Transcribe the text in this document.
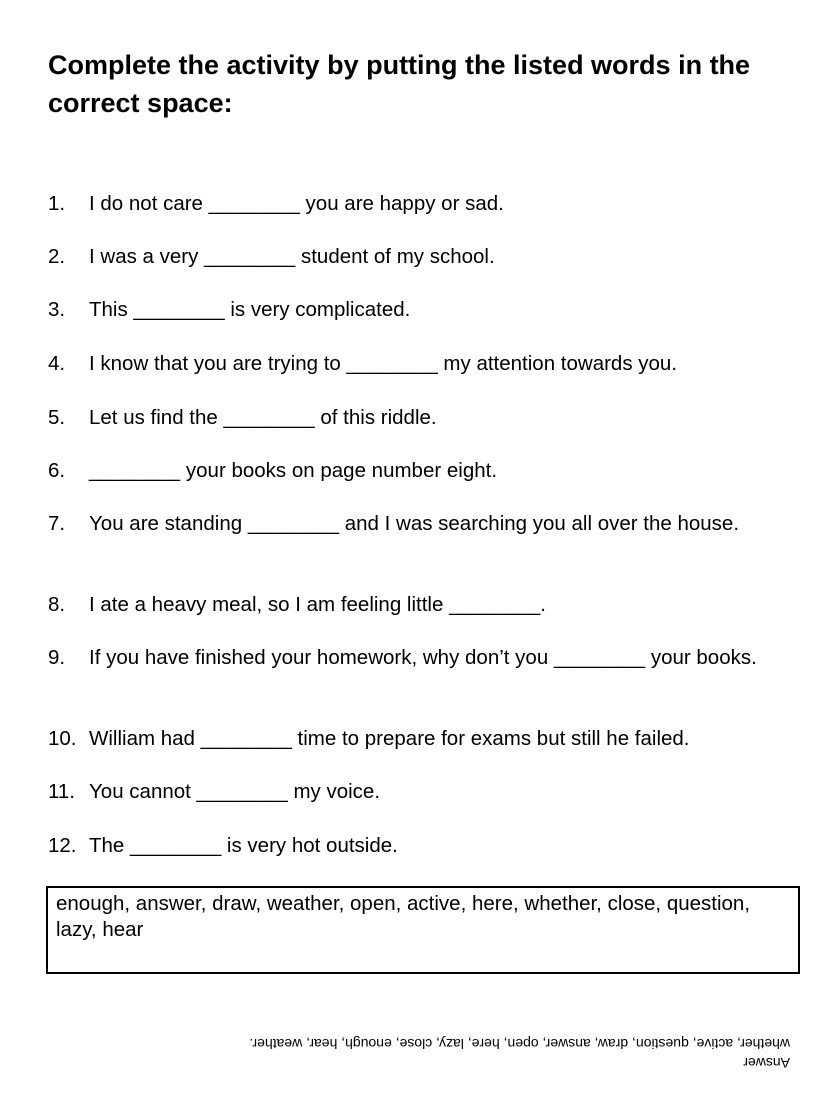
Complete the activity by putting the listed words in the correct space:
1.	I do not care ________ you are happy or sad.
2.	I was a very ________ student of my school.
3.	This ________ is very complicated.
4.	I know that you are trying to ________ my attention towards you.
5.	Let us find the ________ of this riddle.
6.	________ your books on page number eight.
7.	You are standing ________ and I was searching you all over the house.
8.	I ate a heavy meal, so I am feeling little ________.
9.	If you have finished your homework, why don’t you ________ your books.
10. William had ________ time to prepare for exams but still he failed.
11. You cannot ________ my voice.
12. The ________ is very hot outside.
enough, answer, draw, weather, open, active, here, whether, close, question, lazy, hear
Answer
whether, active, question, draw, answer, open, here, lazy, close, enough, hear, weather.
